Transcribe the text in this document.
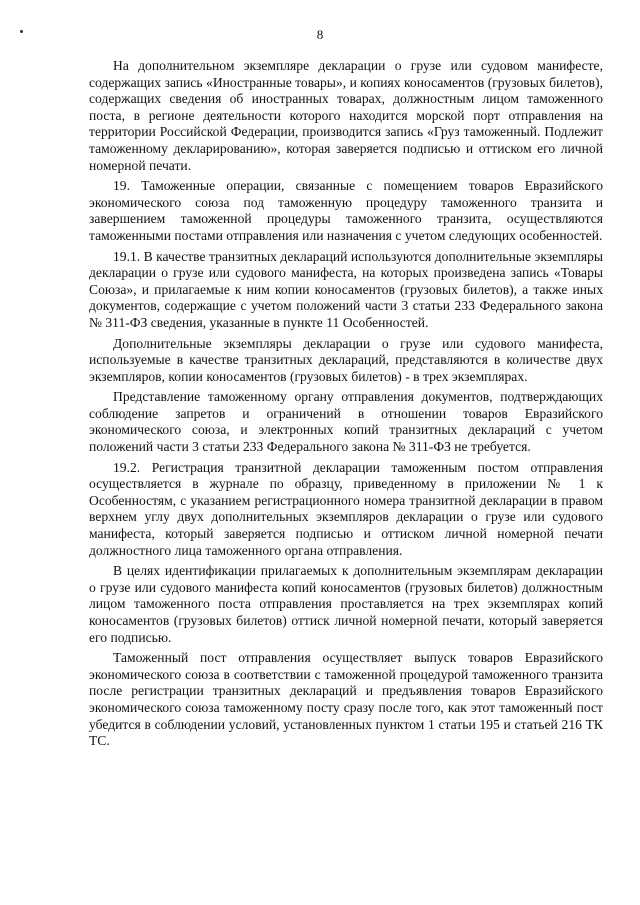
8

На дополнительном экземпляре декларации о грузе или судовом манифесте, содержащих запись «Иностранные товары», и копиях коносаментов (грузовых билетов), содержащих сведения об иностранных товарах, должностным лицом таможенного поста, в регионе деятельности которого находится морской порт отправления на территории Российской Федерации, производится запись «Груз таможенный. Подлежит таможенному декларированию», которая заверяется подписью и оттиском его личной номерной печати.

19. Таможенные операции, связанные с помещением товаров Евразийского экономического союза под таможенную процедуру таможенного транзита и завершением таможенной процедуры таможенного транзита, осуществляются таможенными постами отправления или назначения с учетом следующих особенностей.

19.1. В качестве транзитных деклараций используются дополнительные экземпляры декларации о грузе или судового манифеста, на которых произведена запись «Товары Союза», и прилагаемые к ним копии коносаментов (грузовых билетов), а также иных документов, содержащие с учетом положений части 3 статьи 233 Федерального закона № 311-ФЗ сведения, указанные в пункте 11 Особенностей.

Дополнительные экземпляры декларации о грузе или судового манифеста, используемые в качестве транзитных деклараций, представляются в количестве двух экземпляров, копии коносаментов (грузовых билетов) - в трех экземплярах.

Представление таможенному органу отправления документов, подтверждающих соблюдение запретов и ограничений в отношении товаров Евразийского экономического союза, и электронных копий транзитных деклараций с учетом положений части 3 статьи 233 Федерального закона № 311-ФЗ не требуется.

19.2. Регистрация транзитной декларации таможенным постом отправления осуществляется в журнале по образцу, приведенному в приложении № 1 к Особенностям, с указанием регистрационного номера транзитной декларации в правом верхнем углу двух дополнительных экземпляров декларации о грузе или судового манифеста, который заверяется подписью и оттиском личной номерной печати должностного лица таможенного органа отправления.

В целях идентификации прилагаемых к дополнительным экземплярам декларации о грузе или судового манифеста копий коносаментов (грузовых билетов) должностным лицом таможенного поста отправления проставляется на трех экземплярах копий коносаментов (грузовых билетов) оттиск личной номерной печати, который заверяется его подписью.

Таможенный пост отправления осуществляет выпуск товаров Евразийского экономического союза в соответствии с таможенной процедурой таможенного транзита после регистрации транзитных деклараций и предъявления товаров Евразийского экономического союза таможенному посту сразу после того, как этот таможенный пост убедится в соблюдении условий, установленных пунктом 1 статьи 195 и статьей 216 ТК ТС.
